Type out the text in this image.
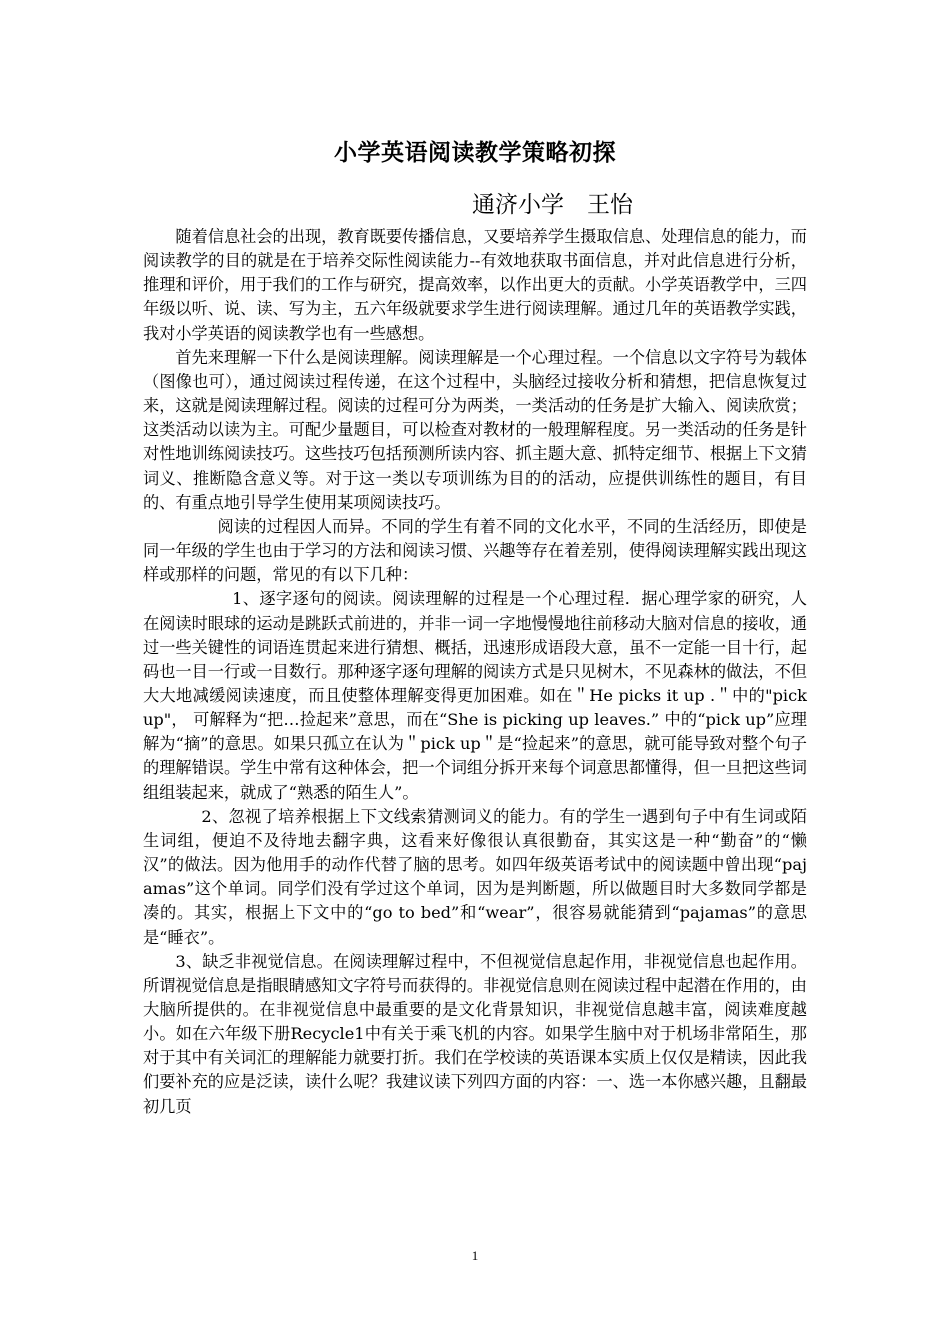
小学英语阅读教学策略初探
通济小学　王怡

随着信息社会的出现，教育既要传播信息，又要培养学生摄取信息、处理信息的能力，而阅读教学的目的就是在于培养交际性阅读能力--有效地获取书面信息，并对此信息进行分析，推理和评价，用于我们的工作与研究，提高效率，以作出更大的贡献。小学英语教学中，三四年级以听、说、读、写为主，五六年级就要求学生进行阅读理解。通过几年的英语教学实践，我对小学英语的阅读教学也有一些感想。

首先来理解一下什么是阅读理解。阅读理解是一个心理过程。一个信息以文字符号为载体（图像也可），通过阅读过程传递，在这个过程中，头脑经过接收分析和猜想，把信息恢复过来，这就是阅读理解过程。阅读的过程可分为两类，一类活动的任务是扩大输入、阅读欣赏；这类活动以读为主。可配少量题目，可以检查对教材的一般理解程度。另一类活动的任务是针对性地训练阅读技巧。这些技巧包括预测所读内容、抓主题大意、抓特定细节、根据上下文猜词义、推断隐含意义等。对于这一类以专项训练为目的的活动，应提供训练性的题目，有目的、有重点地引导学生使用某项阅读技巧。

阅读的过程因人而异。不同的学生有着不同的文化水平，不同的生活经历，即使是同一年级的学生也由于学习的方法和阅读习惯、兴趣等存在着差别，使得阅读理解实践出现这样或那样的问题，常见的有以下几种：

1、逐字逐句的阅读。阅读理解的过程是一个心理过程．据心理学家的研究，人在阅读时眼球的运动是跳跃式前进的，并非一词一字地慢慢地往前移动大脑对信息的接收，通过一些关键性的词语连贯起来进行猜想、概括，迅速形成语段大意，虽不一定能一目十行，起码也一目一行或一目数行。那种逐字逐句理解的阅读方式是只见树木，不见森林的做法，不但大大地减缓阅读速度，而且使整体理解变得更加困难。如在＂He picks it up .＂中的"pick up"， 可解释为“把…捡起来”意思，而在“She is picking up leaves.” 中的“pick up”应理解为“摘”的意思。如果只孤立在认为＂pick up＂是“捡起来”的意思，就可能导致对整个句子的理解错误。学生中常有这种体会，把一个词组分拆开来每个词意思都懂得，但一旦把这些词组组装起来，就成了“熟悉的陌生人”。

2、忽视了培养根据上下文线索猜测词义的能力。有的学生一遇到句子中有生词或陌生词组，便迫不及待地去翻字典，这看来好像很认真很勤奋，其实这是一种“勤奋”的“懒汉”的做法。因为他用手的动作代替了脑的思考。如四年级英语考试中的阅读题中曾出现“pajamas”这个单词。同学们没有学过这个单词，因为是判断题，所以做题目时大多数同学都是凑的。其实，根据上下文中的“go to bed”和“wear”，很容易就能猜到“pajamas”的意思是“睡衣”。

3、缺乏非视觉信息。在阅读理解过程中，不但视觉信息起作用，非视觉信息也起作用。所谓视觉信息是指眼睛感知文字符号而获得的。非视觉信息则在阅读过程中起潜在作用的，由大脑所提供的。在非视觉信息中最重要的是文化背景知识，非视觉信息越丰富，阅读难度越小。如在六年级下册Recycle1中有关于乘飞机的内容。如果学生脑中对于机场非常陌生，那对于其中有关词汇的理解能力就要打折。我们在学校读的英语课本实质上仅仅是精读，因此我们要补充的应是泛读，读什么呢？我建议读下列四方面的内容：一、选一本你感兴趣，且翻最初几页

1
